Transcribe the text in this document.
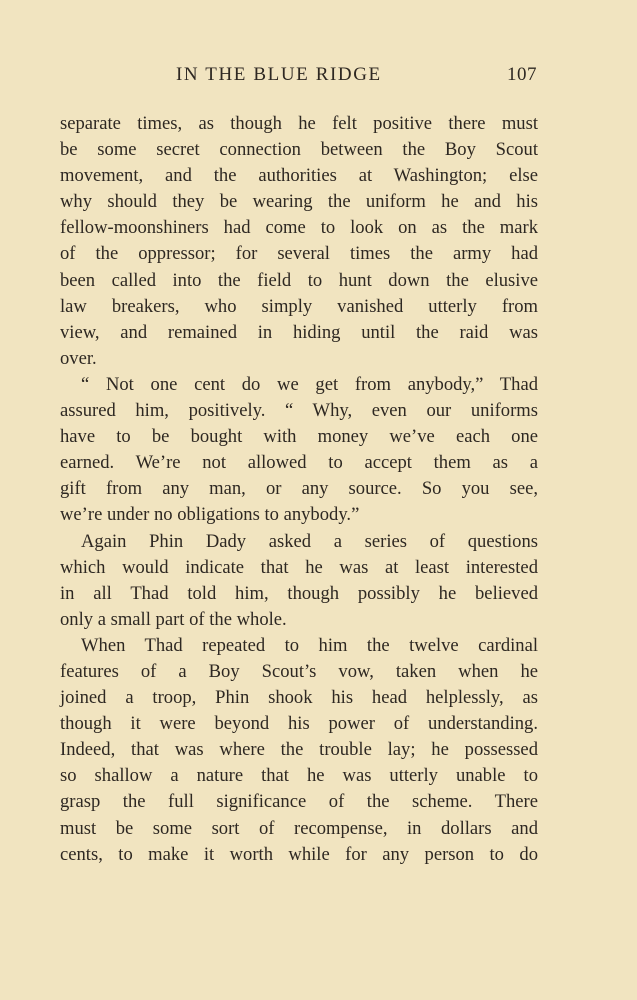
IN THE BLUE RIDGE	107
separate times, as though he felt positive there must
be some secret connection between the Boy Scout
movement, and the authorities at Washington; else
why should they be wearing the uniform he and his
fellow-moonshiners had come to look on as the mark
of the oppressor; for several times the army had
been called into the field to hunt down the elusive
law breakers, who simply vanished utterly from
view, and remained in hiding until the raid was
over.
“ Not one cent do we get from anybody,” Thad
assured him, positively. “ Why, even our uniforms
have to be bought with money we’ve each one
earned. We’re not allowed to accept them as a
gift from any man, or any source. So you see,
we’re under no obligations to anybody.”
Again Phin Dady asked a series of questions
which would indicate that he was at least interested
in all Thad told him, though possibly he believed
only a small part of the whole.
When Thad repeated to him the twelve cardinal
features of a Boy Scout’s vow, taken when he
joined a troop, Phin shook his head helplessly, as
though it were beyond his power of understanding.
Indeed, that was where the trouble lay; he possessed
so shallow a nature that he was utterly unable to
grasp the full significance of the scheme. There
must be some sort of recompense, in dollars and
cents, to make it worth while for any person to do
